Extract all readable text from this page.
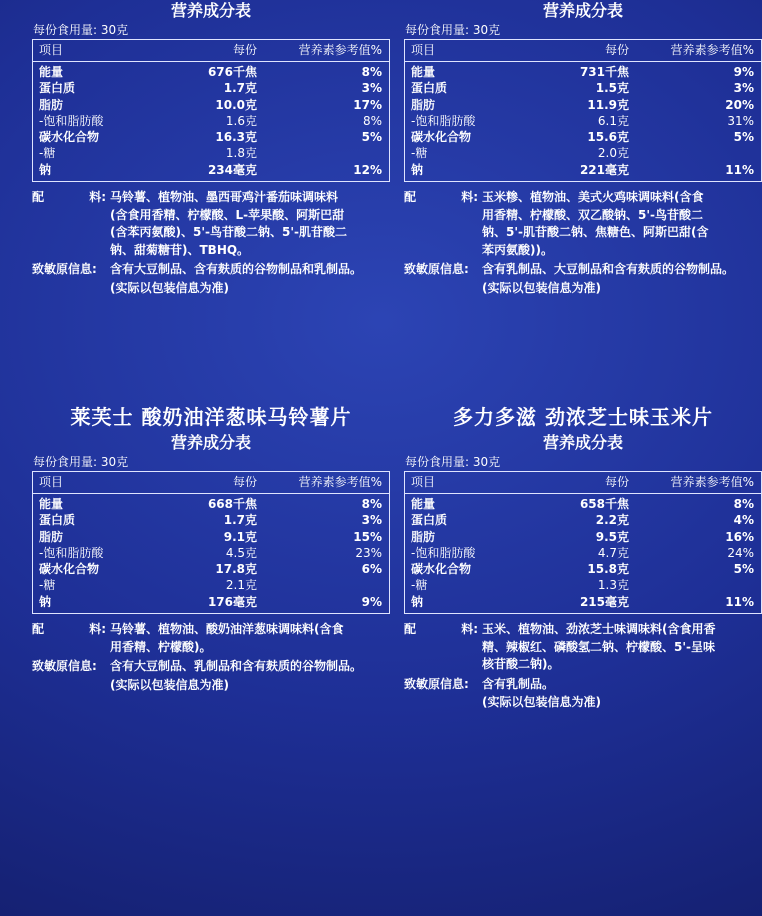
营养成分表
每份食用量: 30克
项目	每份	营养素参考值%
能量	676千焦	8%
蛋白质	1.7克	3%
脂肪	10.0克	17%
-饱和脂肪酸	1.6克	8%
碳水化合物	16.3克	5%
-糖	1.8克
钠	234毫克	12%
配	料: 马铃薯、植物油、墨西哥鸡汁番茄味调味料
(含食用香精、柠檬酸、L-苹果酸、阿斯巴甜
(含苯丙氨酸)、5'-鸟苷酸二钠、5'-肌苷酸二
钠、甜菊糖苷)、TBHQ。
致敏原信息:	含有大豆制品、含有麸质的谷物制品和乳制品。
(实际以包装信息为准)
营养成分表
每份食用量: 30克
项目	每份	营养素参考值%
能量	731千焦	9%
蛋白质	1.5克	3%
脂肪	11.9克	20%
-饱和脂肪酸	6.1克	31%
碳水化合物	15.6克	5%
-糖	2.0克
钠	221毫克	11%
配	料: 玉米糁、植物油、美式火鸡味调味料(含食
用香精、柠檬酸、双乙酸钠、5'-鸟苷酸二
钠、5'-肌苷酸二钠、焦糖色、阿斯巴甜(含
苯丙氨酸))。
致敏原信息:	含有乳制品、大豆制品和含有麸质的谷物制品。
(实际以包装信息为准)
莱芙士 酸奶油洋葱味马铃薯片
营养成分表
每份食用量: 30克
项目	每份	营养素参考值%
能量	668千焦	8%
蛋白质	1.7克	3%
脂肪	9.1克	15%
-饱和脂肪酸	4.5克	23%
碳水化合物	17.8克	6%
-糖	2.1克
钠	176毫克	9%
配	料: 马铃薯、植物油、酸奶油洋葱味调味料(含食
用香精、柠檬酸)。
致敏原信息:	含有大豆制品、乳制品和含有麸质的谷物制品。
(实际以包装信息为准)
多力多滋 劲浓芝士味玉米片
营养成分表
每份食用量: 30克
项目	每份	营养素参考值%
能量	658千焦	8%
蛋白质	2.2克	4%
脂肪	9.5克	16%
-饱和脂肪酸	4.7克	24%
碳水化合物	15.8克	5%
-糖	1.3克
钠	215毫克	11%
配	料: 玉米、植物油、劲浓芝士味调味料(含食用香
精、辣椒红、磷酸氢二钠、柠檬酸、5'-呈味
核苷酸二钠)。
致敏原信息:	含有乳制品。
(实际以包装信息为准)
